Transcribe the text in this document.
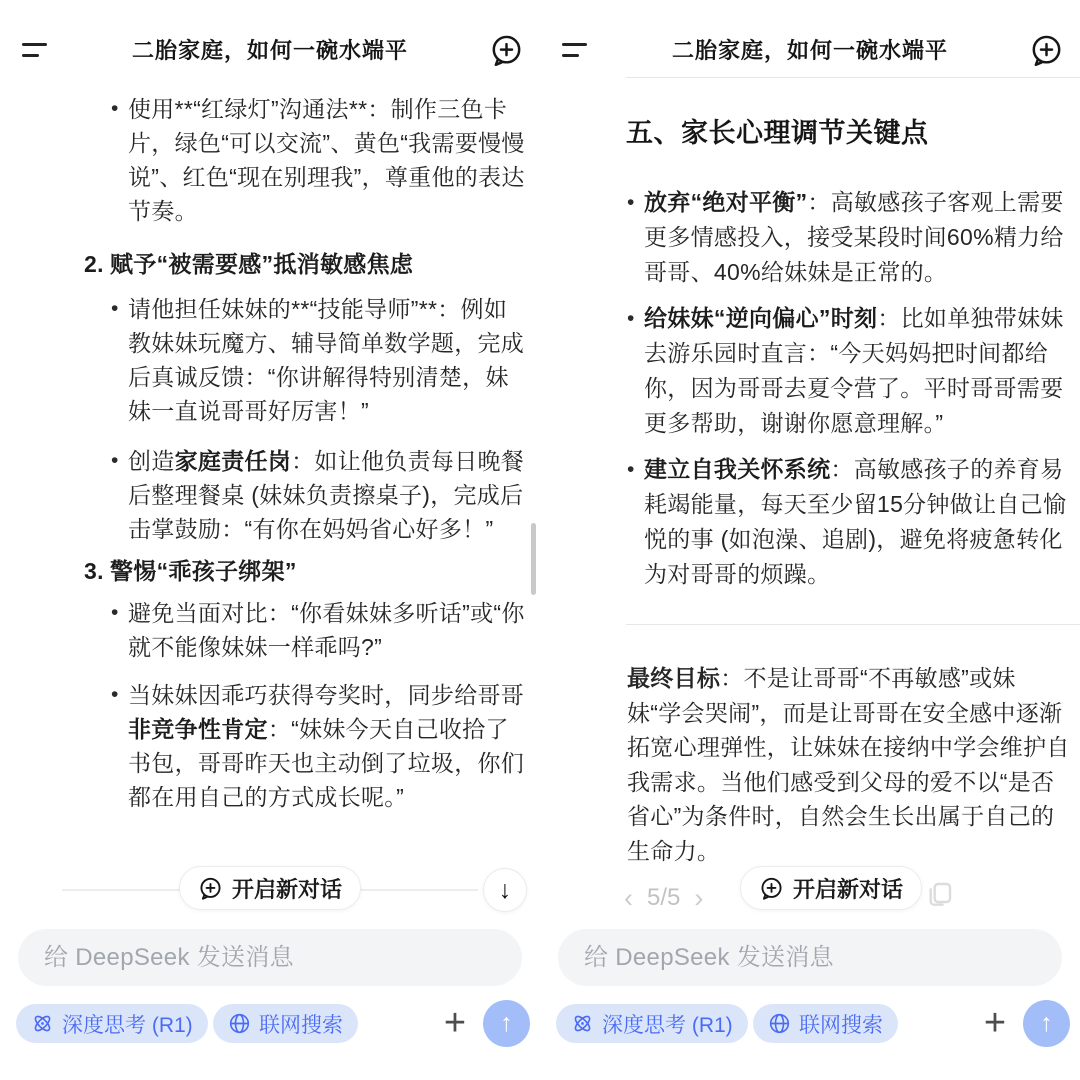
二胎家庭，如何一碗水端平
• 使用**“红绿灯”沟通法**：制作三色卡片，绿色“可以交流”、黄色“我需要慢慢说”、红色“现在别理我”，尊重他的表达节奏。
2. 赋予“被需要感”抵消敏感焦虑
• 请他担任妹妹的**“技能导师”**：例如教妹妹玩魔方、辅导简单数学题，完成后真诚反馈：“你讲解得特别清楚，妹妹一直说哥哥好厉害！”
• 创造家庭责任岗：如让他负责每日晚餐后整理餐桌 (妹妹负责擦桌子)，完成后击掌鼓励：“有你在妈妈省心好多！”
3. 警惕“乖孩子绑架”
• 避免当面对比：“你看妹妹多听话”或“你就不能像妹妹一样乖吗?”
• 当妹妹因乖巧获得夸奖时，同步给哥哥非竞争性肯定：“妹妹今天自己收拾了书包，哥哥昨天也主动倒了垃圾，你们都在用自己的方式成长呢。”
开启新对话	↓
给 DeepSeek 发送消息
深度思考 (R1)	联网搜索	+ ↑
二胎家庭，如何一碗水端平
五、家长心理调节关键点
• 放弃“绝对平衡”：高敏感孩子客观上需要更多情感投入，接受某段时间60%精力给哥哥、40%给妹妹是正常的。
• 给妹妹“逆向偏心”时刻：比如单独带妹妹去游乐园时直言：“今天妈妈把时间都给你，因为哥哥去夏令营了。平时哥哥需要更多帮助，谢谢你愿意理解。”
• 建立自我关怀系统：高敏感孩子的养育易耗竭能量，每天至少留15分钟做让自己愉悦的事 (如泡澡、追剧)，避免将疲惫转化为对哥哥的烦躁。
最终目标：不是让哥哥“不再敏感”或妹妹“学会哭闹”，而是让哥哥在安全感中逐渐拓宽心理弹性，让妹妹在接纳中学会维护自我需求。当他们感受到父母的爱不以“是否省心”为条件时，自然会生长出属于自己的生命力。
‹ 5/5 ›	开启新对话
给 DeepSeek 发送消息
深度思考 (R1)	联网搜索	+ ↑
